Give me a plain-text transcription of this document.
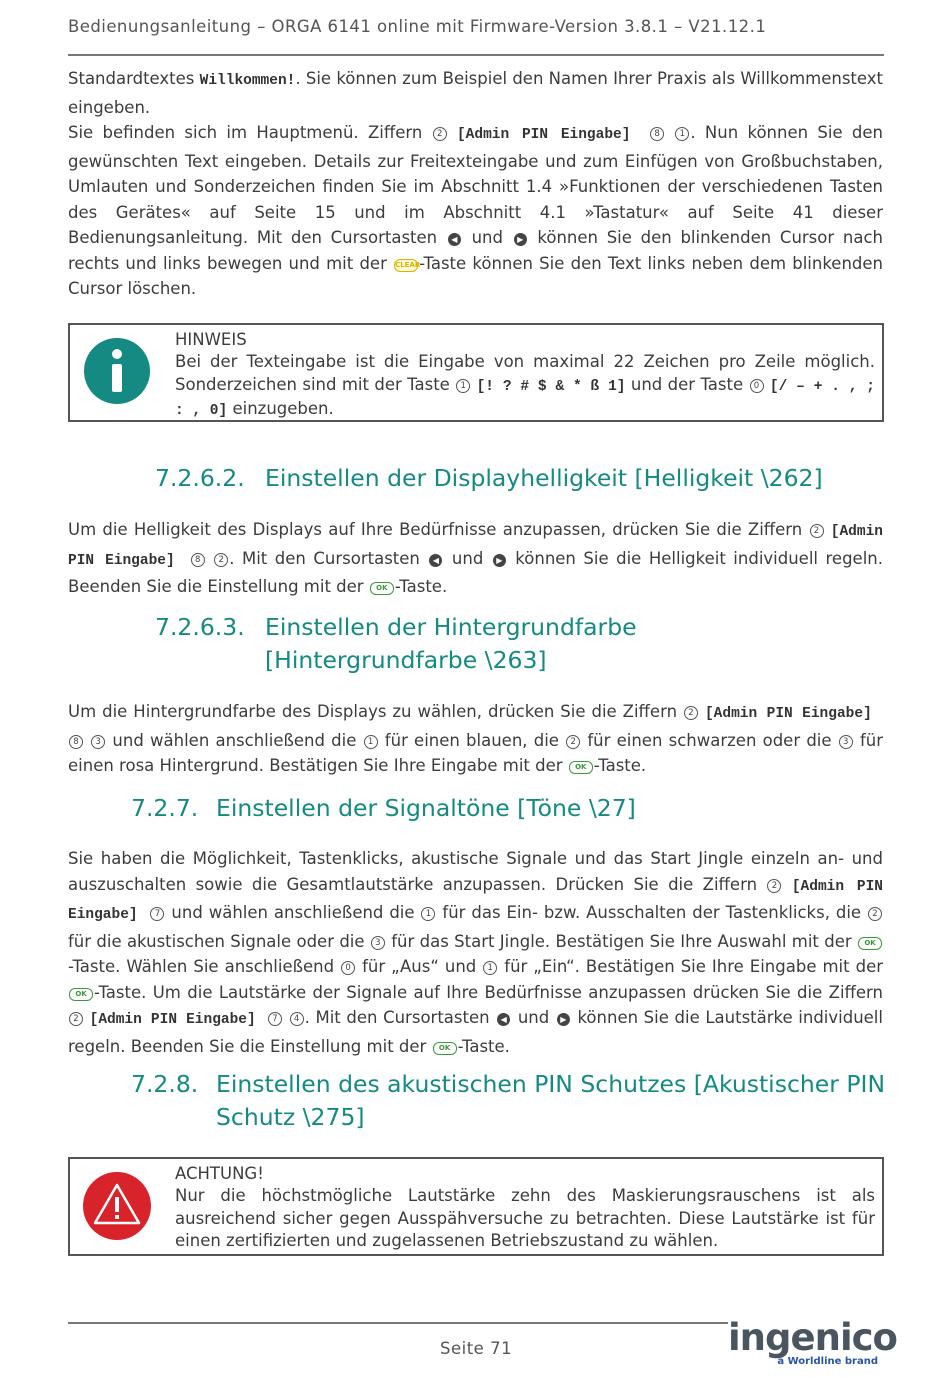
Bedienungsanleitung – ORGA 6141 online mit Firmware-Version 3.8.1 – V21.12.1

Standardtextes Willkommen!. Sie können zum Beispiel den Namen Ihrer Praxis als Willkommenstext eingeben.

Sie befinden sich im Hauptmenü. Ziffern 2 [Admin PIN Eingabe]	8 1 . Nun können Sie den gewünschten Text eingeben. Details zur Freitexteingabe und zum Einfügen von Großbuchstaben, Umlauten und Sonderzeichen finden Sie im Abschnitt 1.4 »Funktionen der verschiedenen Tasten des Gerätes« auf Seite 15 und im Abschnitt 4.1 »Tastatur« auf Seite 41 dieser Bedienungsanleitung. Mit den Cursortasten ◀ und ▶ können Sie den blinkenden Cursor nach rechts und links bewegen und mit der CLEAR-Taste können Sie den Text links neben dem blinkenden Cursor löschen.

HINWEIS
Bei der Texteingabe ist die Eingabe von maximal 22 Zeichen pro Zeile möglich. Sonderzeichen sind mit der Taste 1 [! ? # $ & * ß 1] und der Taste 0 [/ – + . , ; : , 0] einzugeben.
7.2.6.2. Einstellen der Displayhelligkeit [Helligkeit \262]

Um die Helligkeit des Displays auf Ihre Bedürfnisse anzupassen, drücken Sie die Ziffern 2 [Admin PIN Eingabe] 8 2 . Mit den Cursortasten ◀ und ▶ können Sie die Helligkeit individuell regeln. Beenden Sie die Einstellung mit der OK -Taste.

7.2.6.3. Einstellen der Hintergrundfarbe
[Hintergrundfarbe \263]

Um die Hintergrundfarbe des Displays zu wählen, drücken Sie die Ziffern 2 [Admin PIN Eingabe]  8 3 und wählen anschließend die 1 für einen blauen, die 2 für einen schwarzen oder die 3 für einen rosa Hintergrund. Bestätigen Sie Ihre Eingabe mit der OK -Taste.

7.2.7. Einstellen der Signaltöne [Töne \27]

Sie haben die Möglichkeit, Tastenklicks, akustische Signale und das Start Jingle einzeln an- und auszuschalten sowie die Gesamtlautstärke anzupassen. Drücken Sie die Ziffern 2 [Admin PIN Eingabe] 7 und wählen anschließend die 1 für das Ein- bzw. Ausschalten der Tastenklicks, die 2 für die akustischen Signale oder die 3 für das Start Jingle. Bestätigen Sie Ihre Auswahl mit der OK-Taste. Wählen Sie anschließend 0 für „Aus“ und 1 für „Ein“. Bestätigen Sie Ihre Eingabe mit der OK -Taste. Um die Lautstärke der Signale auf Ihre Bedürfnisse anzupassen drücken Sie die Ziffern 2 [Admin PIN Eingabe] 7 4 . Mit den Cursortasten ◀ und ▶ können Sie die Lautstärke individuell regeln. Beenden Sie die Einstellung mit der OK -Taste.

7.2.8. Einstellen des akustischen PIN Schutzes [Akustischer PIN
Schutz \275]
ACHTUNG!
Nur die höchstmögliche Lautstärke zehn des Maskierungsrauschens ist als ausreichend sicher gegen Ausspähversuche zu betrachten. Diese Lautstärke ist für einen zertifizierten und zugelassenen Betriebszustand zu wählen.
Seite 71	ingenico
a Worldline brand
